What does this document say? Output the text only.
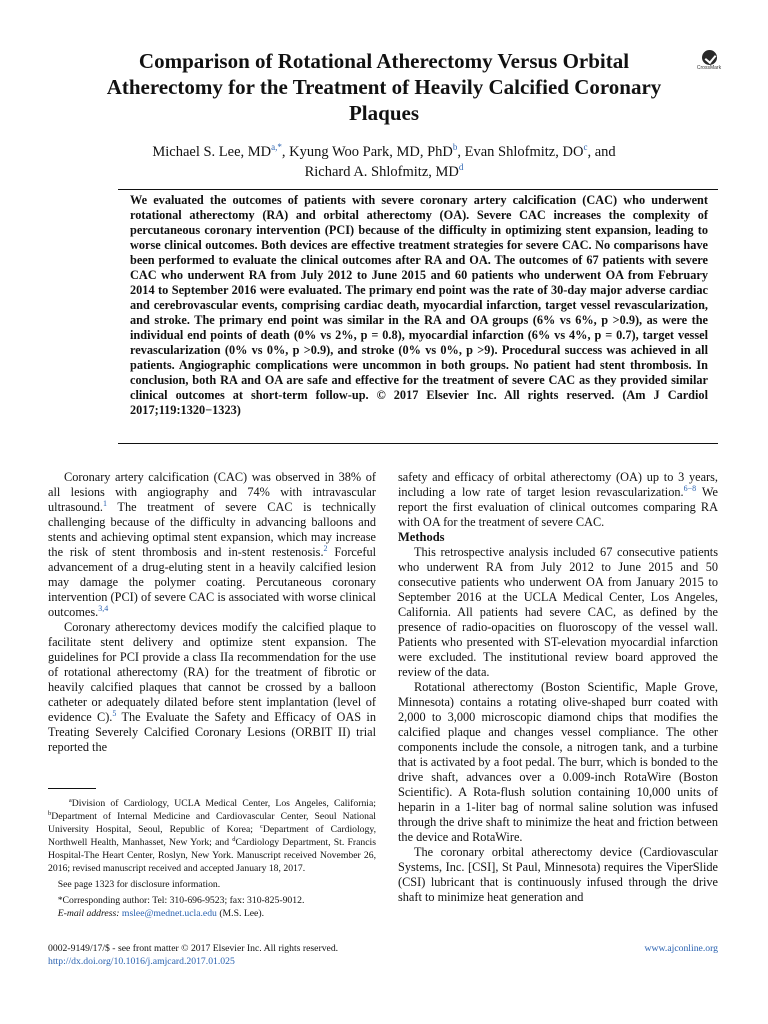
Comparison of Rotational Atherectomy Versus Orbital Atherectomy for the Treatment of Heavily Calcified Coronary Plaques
CrossMark
Michael S. Lee, $MD^{a,*}$, Kyung Woo Park, MD, PhD$^b$, Evan Shlofmitz, $DO^c$, and
Richard A. Shlofmitz, $MD^d$
We evaluated the outcomes of patients with severe coronary artery calcification (CAC) who underwent rotational atherectomy (RA) and orbital atherectomy (OA). Severe CAC increases the complexity of percutaneous coronary intervention (PCI) because of the difficulty in optimizing stent expansion, leading to worse clinical outcomes. Both devices are effective treatment strategies for severe CAC. No comparisons have been performed to evaluate the clinical outcomes after RA and OA. The outcomes of 67 patients with severe CAC who underwent RA from July 2012 to June 2015 and 60 patients who underwent OA from February 2014 to September 2016 were evaluated. The primary end point was the rate of 30-day major adverse cardiac and cerebrovascular events, comprising cardiac death, myocardial infarction, target vessel revascularization, and stroke. The primary end point was similar in the RA and OA groups (6% vs 6%, p >0.9), as were the individual end points of death (0% vs 2%, p = 0.8), myocardial infarction (6% vs 4%, p = 0.7), target vessel revascularization (0% vs 0%, p >0.9), and stroke (0% vs 0%, p >9). Procedural success was achieved in all patients. Angiographic complications were uncommon in both groups. No patient had stent thrombosis. In conclusion, both RA and OA are safe and effective for the treatment of severe CAC as they provided similar clinical outcomes at short-term follow-up. © 2017 Elsevier Inc. All rights reserved. (Am J Cardiol 2017;119:1320−1323)

Coronary artery calcification (CAC) was observed in 38% of all lesions with angiography and 74% with intravascular ultrasound.$^1$ The treatment of severe CAC is technically challenging because of the difficulty in advancing balloons and stents and achieving optimal stent expansion, which may increase the risk of stent thrombosis and in-stent restenosis.$^2$ Forceful advancement of a drug-eluting stent in a heavily calcified lesion may damage the polymer coating. Percutaneous coronary intervention (PCI) of severe CAC is associated with worse clinical outcomes.$^{3,4}$

Coronary atherectomy devices modify the calcified plaque to facilitate stent delivery and optimize stent expansion. The guidelines for PCI provide a class IIa recommendation for the use of rotational atherectomy (RA) for the treatment of fibrotic or heavily calcified plaques that cannot be crossed by a balloon catheter or adequately dilated before stent implantation (level of evidence C).$^5$ The Evaluate the Safety and Efficacy of OAS in Treating Severely Calcified Coronary Lesions (ORBIT II) trial reported the

safety and efficacy of orbital atherectomy (OA) up to 3 years, including a low rate of target lesion revascularization.$^{6-8}$ We report the first evaluation of clinical outcomes comparing RA with OA for the treatment of severe CAC.

Methods

This retrospective analysis included 67 consecutive patients who underwent RA from July 2012 to June 2015 and 50 consecutive patients who underwent OA from January 2015 to September 2016 at the UCLA Medical Center, Los Angeles, California. All patients had severe CAC, as defined by the presence of radio-opacities on fluoroscopy of the vessel wall. Patients who presented with ST-elevation myocardial infarction were excluded. The institutional review board approved the review of the data.

Rotational atherectomy (Boston Scientific, Maple Grove, Minnesota) contains a rotating olive-shaped burr coated with 2,000 to 3,000 microscopic diamond chips that modifies the calcified plaque and changes vessel compliance. The other components include the console, a nitrogen tank, and a turbine that is activated by a foot pedal. The burr, which is bonded to the drive shaft, advances over a 0.009-inch RotaWire (Boston Scientific). A Rota-flush solution containing 10,000 units of heparin in a 1-liter bag of normal saline solution was infused through the drive shaft to minimize the heat and friction between the device and RotaWire.

The coronary orbital atherectomy device (Cardiovascular Systems, Inc. [CSI], St Paul, Minnesota) requires the ViperSlide (CSI) lubricant that is continuously infused through the drive shaft to minimize heat generation and

$^a$Division of Cardiology, UCLA Medical Center, Los Angeles, California; $^b$Department of Internal Medicine and Cardiovascular Center, Seoul National University Hospital, Seoul, Republic of Korea; $^c$Department of Cardiology, Northwell Health, Manhasset, New York; and $^d$Cardiology Department, St. Francis Hospital-The Heart Center, Roslyn, New York. Manuscript received November 26, 2016; revised manuscript received and accepted January 18, 2017.

See page 1323 for disclosure information.

*Corresponding author: Tel: 310-696-9523; fax: 310-825-9012.

E-mail address: mslee@mednet.ucla.edu (M.S. Lee).

0002-9149/17/$ - see front matter © 2017 Elsevier Inc. All rights reserved.
http://dx.doi.org/10.1016/j.amjcard.2017.01.025
www.ajconline.org
